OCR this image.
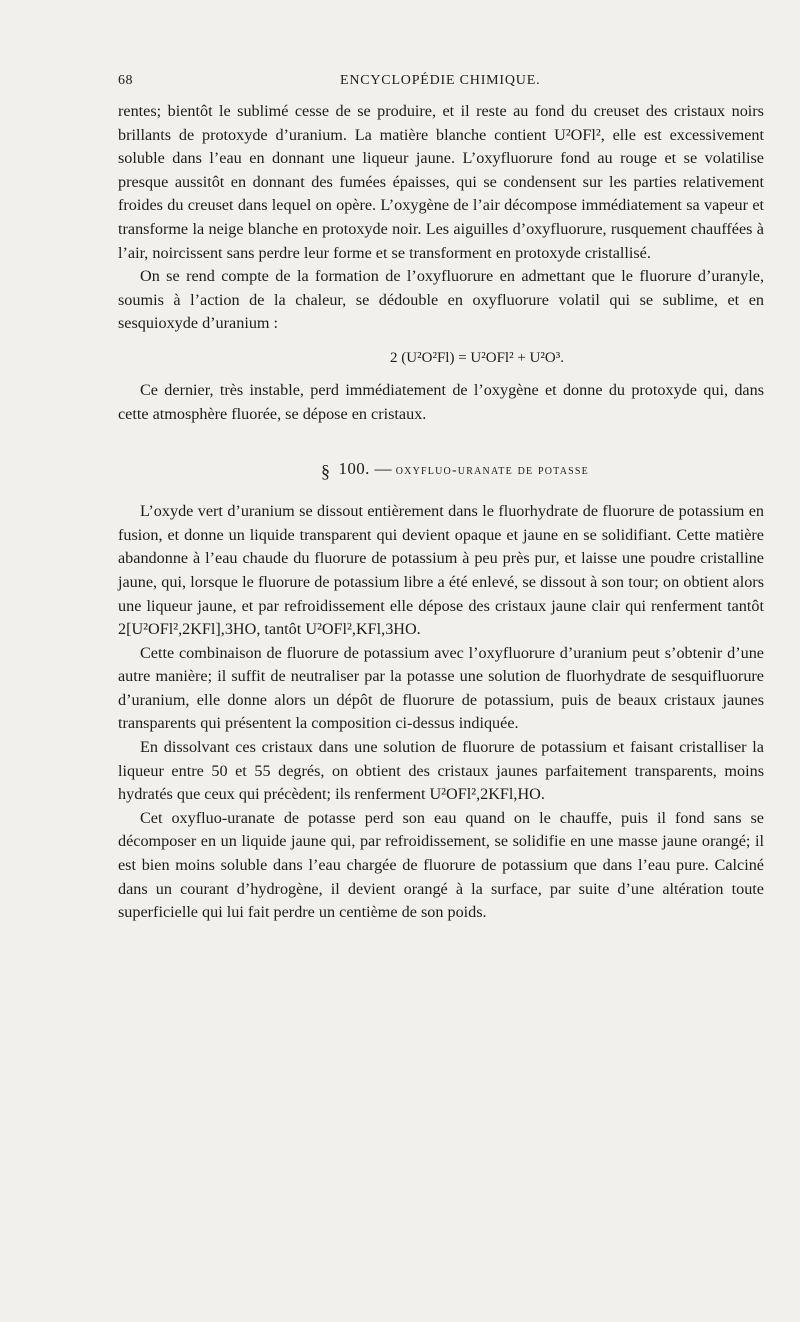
68	ENCYCLOPÉDIE CHIMIQUE.

rentes; bientôt le sublimé cesse de se produire, et il reste au fond du creuset des cristaux noirs brillants de protoxyde d’uranium. La matière blanche contient U²OFl², elle est excessivement soluble dans l’eau en donnant une liqueur jaune. L’oxyfluorure fond au rouge et se volatilise presque aussitôt en donnant des fumées épaisses, qui se condensent sur les parties relativement froides du creuset dans lequel on opère. L’oxygène de l’air décompose immédiatement sa vapeur et transforme la neige blanche en protoxyde noir. Les aiguilles d’oxyfluorure, rusquement chauffées à l’air, noircissent sans perdre leur forme et se transforment en protoxyde cristallisé.

On se rend compte de la formation de l’oxyfluorure en admettant que le fluorure d’uranyle, soumis à l’action de la chaleur, se dédouble en oxyfluorure volatil qui se sublime, et en sesquioxyde d’uranium :

2 (U²O²Fl) = U²OFl² + U²O³.

Ce dernier, très instable, perd immédiatement de l’oxygène et donne du protoxyde qui, dans cette atmosphère fluorée, se dépose en cristaux.

§ 100. — oxyfluo-uranate de potasse

L’oxyde vert d’uranium se dissout entièrement dans le fluorhydrate de fluorure de potassium en fusion, et donne un liquide transparent qui devient opaque et jaune en se solidifiant. Cette matière abandonne à l’eau chaude du fluorure de potassium à peu près pur, et laisse une poudre cristalline jaune, qui, lorsque le fluorure de potassium libre a été enlevé, se dissout à son tour; on obtient alors une liqueur jaune, et par refroidissement elle dépose des cristaux jaune clair qui renferment tantôt 2[U²OFl²,2KFl],3HO, tantôt U²OFl²,KFl,3HO.

Cette combinaison de fluorure de potassium avec l’oxyfluorure d’uranium peut s’obtenir d’une autre manière; il suffit de neutraliser par la potasse une solution de fluorhydrate de sesquifluorure d’uranium, elle donne alors un dépôt de fluorure de potassium, puis de beaux cristaux jaunes transparents qui présentent la composition ci-dessus indiquée.

En dissolvant ces cristaux dans une solution de fluorure de potassium et faisant cristalliser la liqueur entre 50 et 55 degrés, on obtient des cristaux jaunes parfaitement transparents, moins hydratés que ceux qui précèdent; ils renferment U²OFl²,2KFl,HO.

Cet oxyfluo-uranate de potasse perd son eau quand on le chauffe, puis il fond sans se décomposer en un liquide jaune qui, par refroidissement, se solidifie en une masse jaune orangé; il est bien moins soluble dans l’eau chargée de fluorure de potassium que dans l’eau pure. Calciné dans un courant d’hydrogène, il devient orangé à la surface, par suite d’une altération toute superficielle qui lui fait perdre un centième de son poids.
